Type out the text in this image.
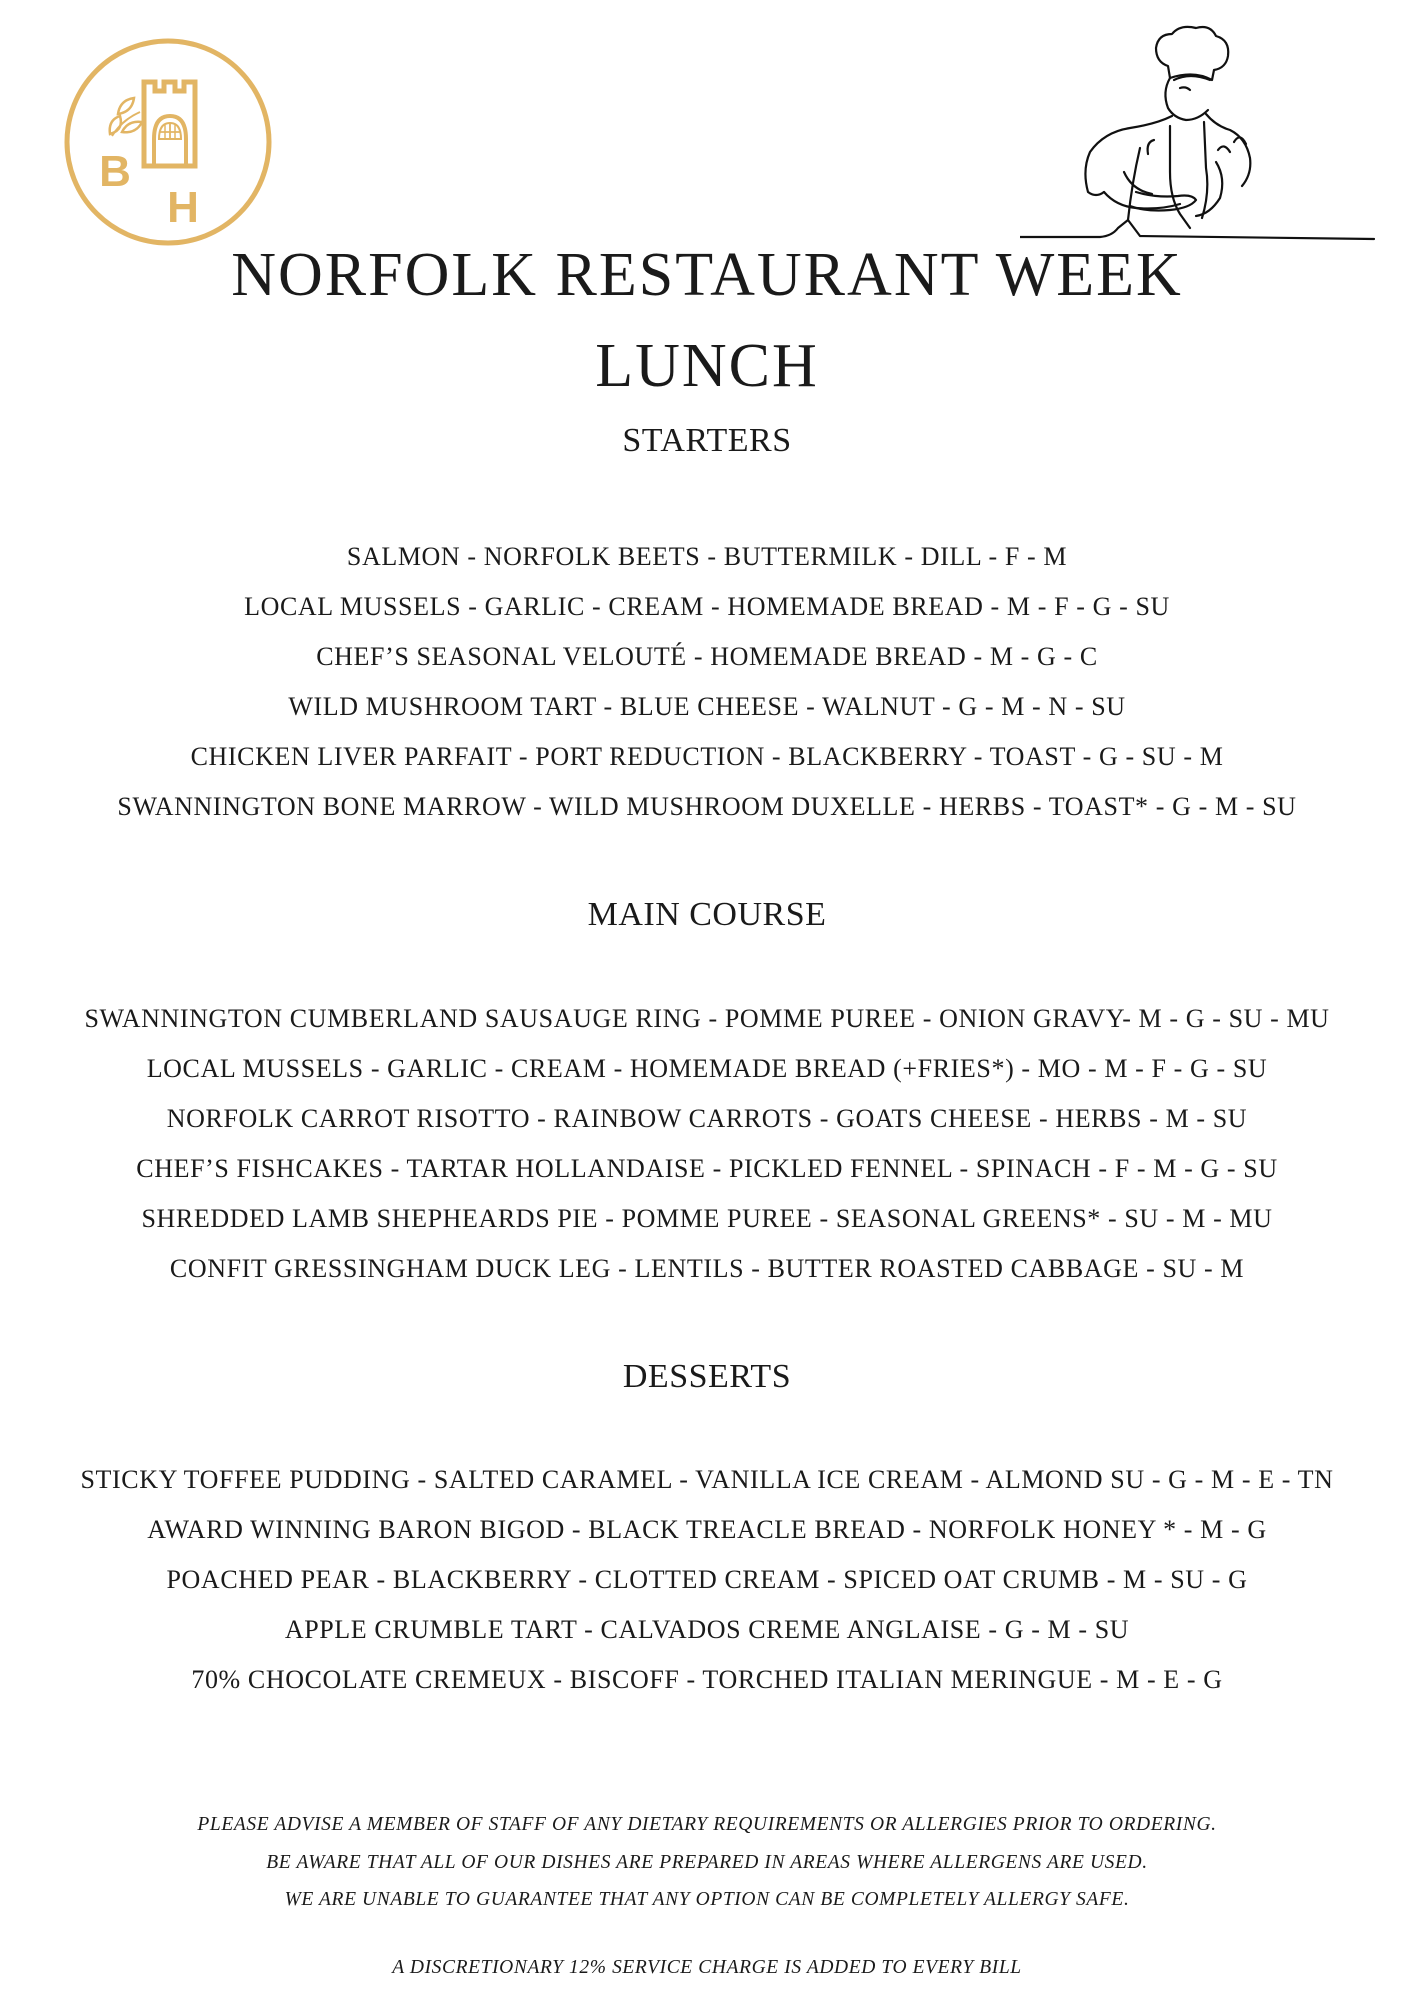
B
H
NORFOLK RESTAURANT WEEK
LUNCH
STARTERS
SALMON - NORFOLK BEETS - BUTTERMILK - DILL - F - M
LOCAL MUSSELS - GARLIC - CREAM - HOMEMADE BREAD - M - F - G - SU
CHEF’S SEASONAL VELOUTÉ - HOMEMADE BREAD - M - G - C
WILD MUSHROOM TART - BLUE CHEESE - WALNUT - G - M - N - SU
CHICKEN LIVER PARFAIT - PORT REDUCTION - BLACKBERRY - TOAST - G - SU - M
SWANNINGTON BONE MARROW - WILD MUSHROOM DUXELLE - HERBS - TOAST* - G - M - SU
MAIN COURSE
SWANNINGTON CUMBERLAND SAUSAUGE RING - POMME PUREE - ONION GRAVY- M - G - SU - MU
LOCAL MUSSELS - GARLIC - CREAM - HOMEMADE BREAD (+FRIES*) - MO - M - F - G - SU
NORFOLK CARROT RISOTTO - RAINBOW CARROTS - GOATS CHEESE - HERBS - M - SU
CHEF’S FISHCAKES - TARTAR HOLLANDAISE - PICKLED FENNEL - SPINACH - F - M - G - SU
SHREDDED LAMB SHEPHEARDS PIE - POMME PUREE - SEASONAL GREENS* - SU - M - MU
CONFIT GRESSINGHAM DUCK LEG - LENTILS - BUTTER ROASTED CABBAGE - SU - M
DESSERTS
STICKY TOFFEE PUDDING - SALTED CARAMEL - VANILLA ICE CREAM - ALMOND SU - G - M - E - TN
AWARD WINNING BARON BIGOD - BLACK TREACLE BREAD - NORFOLK HONEY * - M - G
POACHED PEAR - BLACKBERRY - CLOTTED CREAM - SPICED OAT CRUMB - M - SU - G
APPLE CRUMBLE TART - CALVADOS CREME ANGLAISE - G - M - SU
70% CHOCOLATE CREMEUX - BISCOFF - TORCHED ITALIAN MERINGUE - M - E - G

PLEASE ADVISE A MEMBER OF STAFF OF ANY DIETARY REQUIREMENTS OR ALLERGIES PRIOR TO ORDERING.
BE AWARE THAT ALL OF OUR DISHES ARE PREPARED IN AREAS WHERE ALLERGENS ARE USED.
WE ARE UNABLE TO GUARANTEE THAT ANY OPTION CAN BE COMPLETELY ALLERGY SAFE.

A DISCRETIONARY 12% SERVICE CHARGE IS ADDED TO EVERY BILL
